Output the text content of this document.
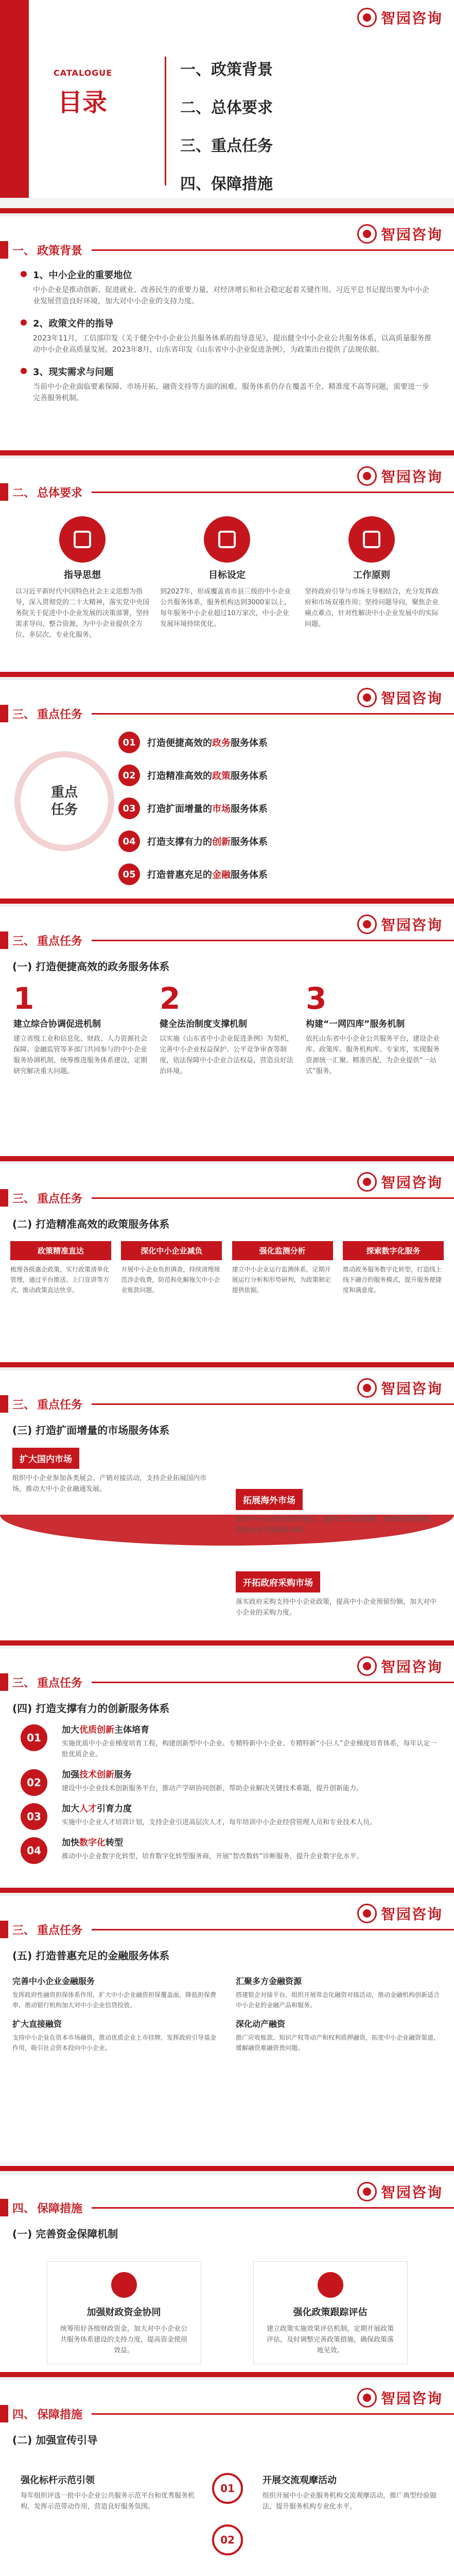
智园咨询
CATALOGUE
目录
一、政策背景
二、总体要求
三、重点任务
四、保障措施
智园咨询
一、 政策背景
1、中小企业的重要地位

中小企业是推动创新、促进就业、改善民生的重要力量，对经济增长和社会稳定起着关键作用。习近平总书记提出要为中小企业发展营造良好环境，加大对中小企业的支持力度。

2、政策文件的指导

2023年11月，工信部印发《关于健全中小企业公共服务体系的指导意见》，提出健全中小企业公共服务体系，以高质量服务推动中小企业高质量发展。2023年8月，山东省印发《山东省中小企业促进条例》，为政策出台提供了法规依据。

3、现实需求与问题

当前中小企业面临要素保障、市场开拓、融资支持等方面的困难，服务体系仍存在覆盖不全、精准度不高等问题，需要进一步完善服务机制。

智园咨询
二、 总体要求
指导思想

以习近平新时代中国特色社会主义思想为指导，深入贯彻党的二十大精神，落实党中央国务院关于促进中小企业发展的决策部署，坚持需求导向、整合资源，为中小企业提供全方位、多层次、专业化服务。

目标设定

到2027年，形成覆盖省市县三级的中小企业公共服务体系，服务机构达到3000家以上，每年服务中小企业超过10万家次，中小企业发展环境持续优化。

工作原则

坚持政府引导与市场主导相结合，充分发挥政府和市场双重作用；坚持问题导向，聚焦企业痛点难点，针对性解决中小企业发展中的实际问题。

智园咨询
三、 重点任务
重点
任务
01	打造便捷高效的政务服务体系
02	打造精准高效的政策服务体系
03	打造扩面增量的市场服务体系
04	打造支撑有力的创新服务体系
05	打造普惠充足的金融服务体系
智园咨询
三、 重点任务
(一) 打造便捷高效的政务服务体系
1
建立综合协调促进机制

建立省级工业和信息化、财政、人力资源社会保障、金融监管等多部门共同参与的中小企业服务协调机制，统筹推进服务体系建设，定期研究解决重大问题。

2
健全法治制度支撑机制

以实施《山东省中小企业促进条例》为契机，完善中小企业权益保护、公平竞争审查等制度，依法保障中小企业合法权益，营造良好法治环境。

3
构建“一网四库”服务机制

依托山东省中小企业公共服务平台，建设企业库、政策库、服务机构库、专家库，实现服务资源统一汇聚、精准匹配，为企业提供“一站式”服务。

智园咨询
三、 重点任务
(二) 打造精准高效的政策服务体系
政策精准直达

梳理各级惠企政策，实行政策清单化管理，通过平台推送、上门宣讲等方式，推动政策直达快享。

深化中小企业减负

开展中小企业负担调查，持续清理规范涉企收费，防范和化解拖欠中小企业账款问题。

强化监测分析

建立中小企业运行监测体系，定期开展运行分析和形势研判，为政策制定提供依据。

探索数字化服务

推动政务服务数字化转型，打造线上线下融合的服务模式，提升服务便捷度和满意度。

智园咨询
三、 重点任务
(三) 打造扩面增量的市场服务体系
扩大国内市场

组织中小企业参加各类展会、产销对接活动，支持企业拓展国内市场，推动大中小企业融通发展。

拓展海外市场

支持中小企业参加境外展会，提供出口信用保险、跨境电商等服务，帮助企业开拓国际市场。

开拓政府采购市场

落实政府采购支持中小企业政策，提高中小企业预留份额，加大对中小企业的采购力度。

智园咨询
三、 重点任务
(四) 打造支撑有力的创新服务体系
01
加大优质创新主体培育

实施优质中小企业梯度培育工程，构建创新型中小企业、专精特新中小企业、专精特新“小巨人”企业梯度培育体系，每年认定一批优质企业。

02
加强技术创新服务

建设中小企业技术创新服务平台，推动产学研协同创新，帮助企业解决关键技术难题，提升创新能力。

03
加大人才引育力度

实施中小企业人才培训计划，支持企业引进高层次人才，每年培训中小企业经营管理人员和专业技术人员。

04
加快数字化转型

推动中小企业数字化转型，培育数字化转型服务商，开展“智改数转”诊断服务，提升企业数字化水平。

智园咨询
三、 重点任务
(五) 打造普惠充足的金融服务体系
完善中小企业金融服务

发挥政府性融资担保体系作用，扩大中小企业融资担保覆盖面，降低担保费率，推动银行机构加大对中小企业信贷投放。

扩大直接融资

支持中小企业在资本市场融资，推动优质企业上市挂牌，发挥政府引导基金作用，吸引社会资本投向中小企业。

汇聚多方金融资源

搭建银企对接平台，组织开展常态化融资对接活动，推动金融机构创新适合中小企业的金融产品和服务。

深化动产融资

推广应收账款、知识产权等动产和权利质押融资，拓宽中小企业融资渠道，缓解融资难融资贵问题。

智园咨询
四、 保障措施
(一) 完善资金保障机制
加强财政资金协同

统筹用好各级财政资金，加大对中小企业公共服务体系建设的支持力度，提高资金使用效益。

强化政策跟踪评估

建立政策实施效果评估机制，定期开展政策评估，及时调整完善政策措施，确保政策落地见效。

智园咨询
四、 保障措施
(二) 加强宣传引导
01
02
强化标杆示范引领

每年组织评选一批中小企业公共服务示范平台和优秀服务机构，发挥示范带动作用，营造良好服务氛围。

开展交流观摩活动

组织开展中小企业服务机构交流观摩活动，推广典型经验做法，提升服务机构专业化水平。
